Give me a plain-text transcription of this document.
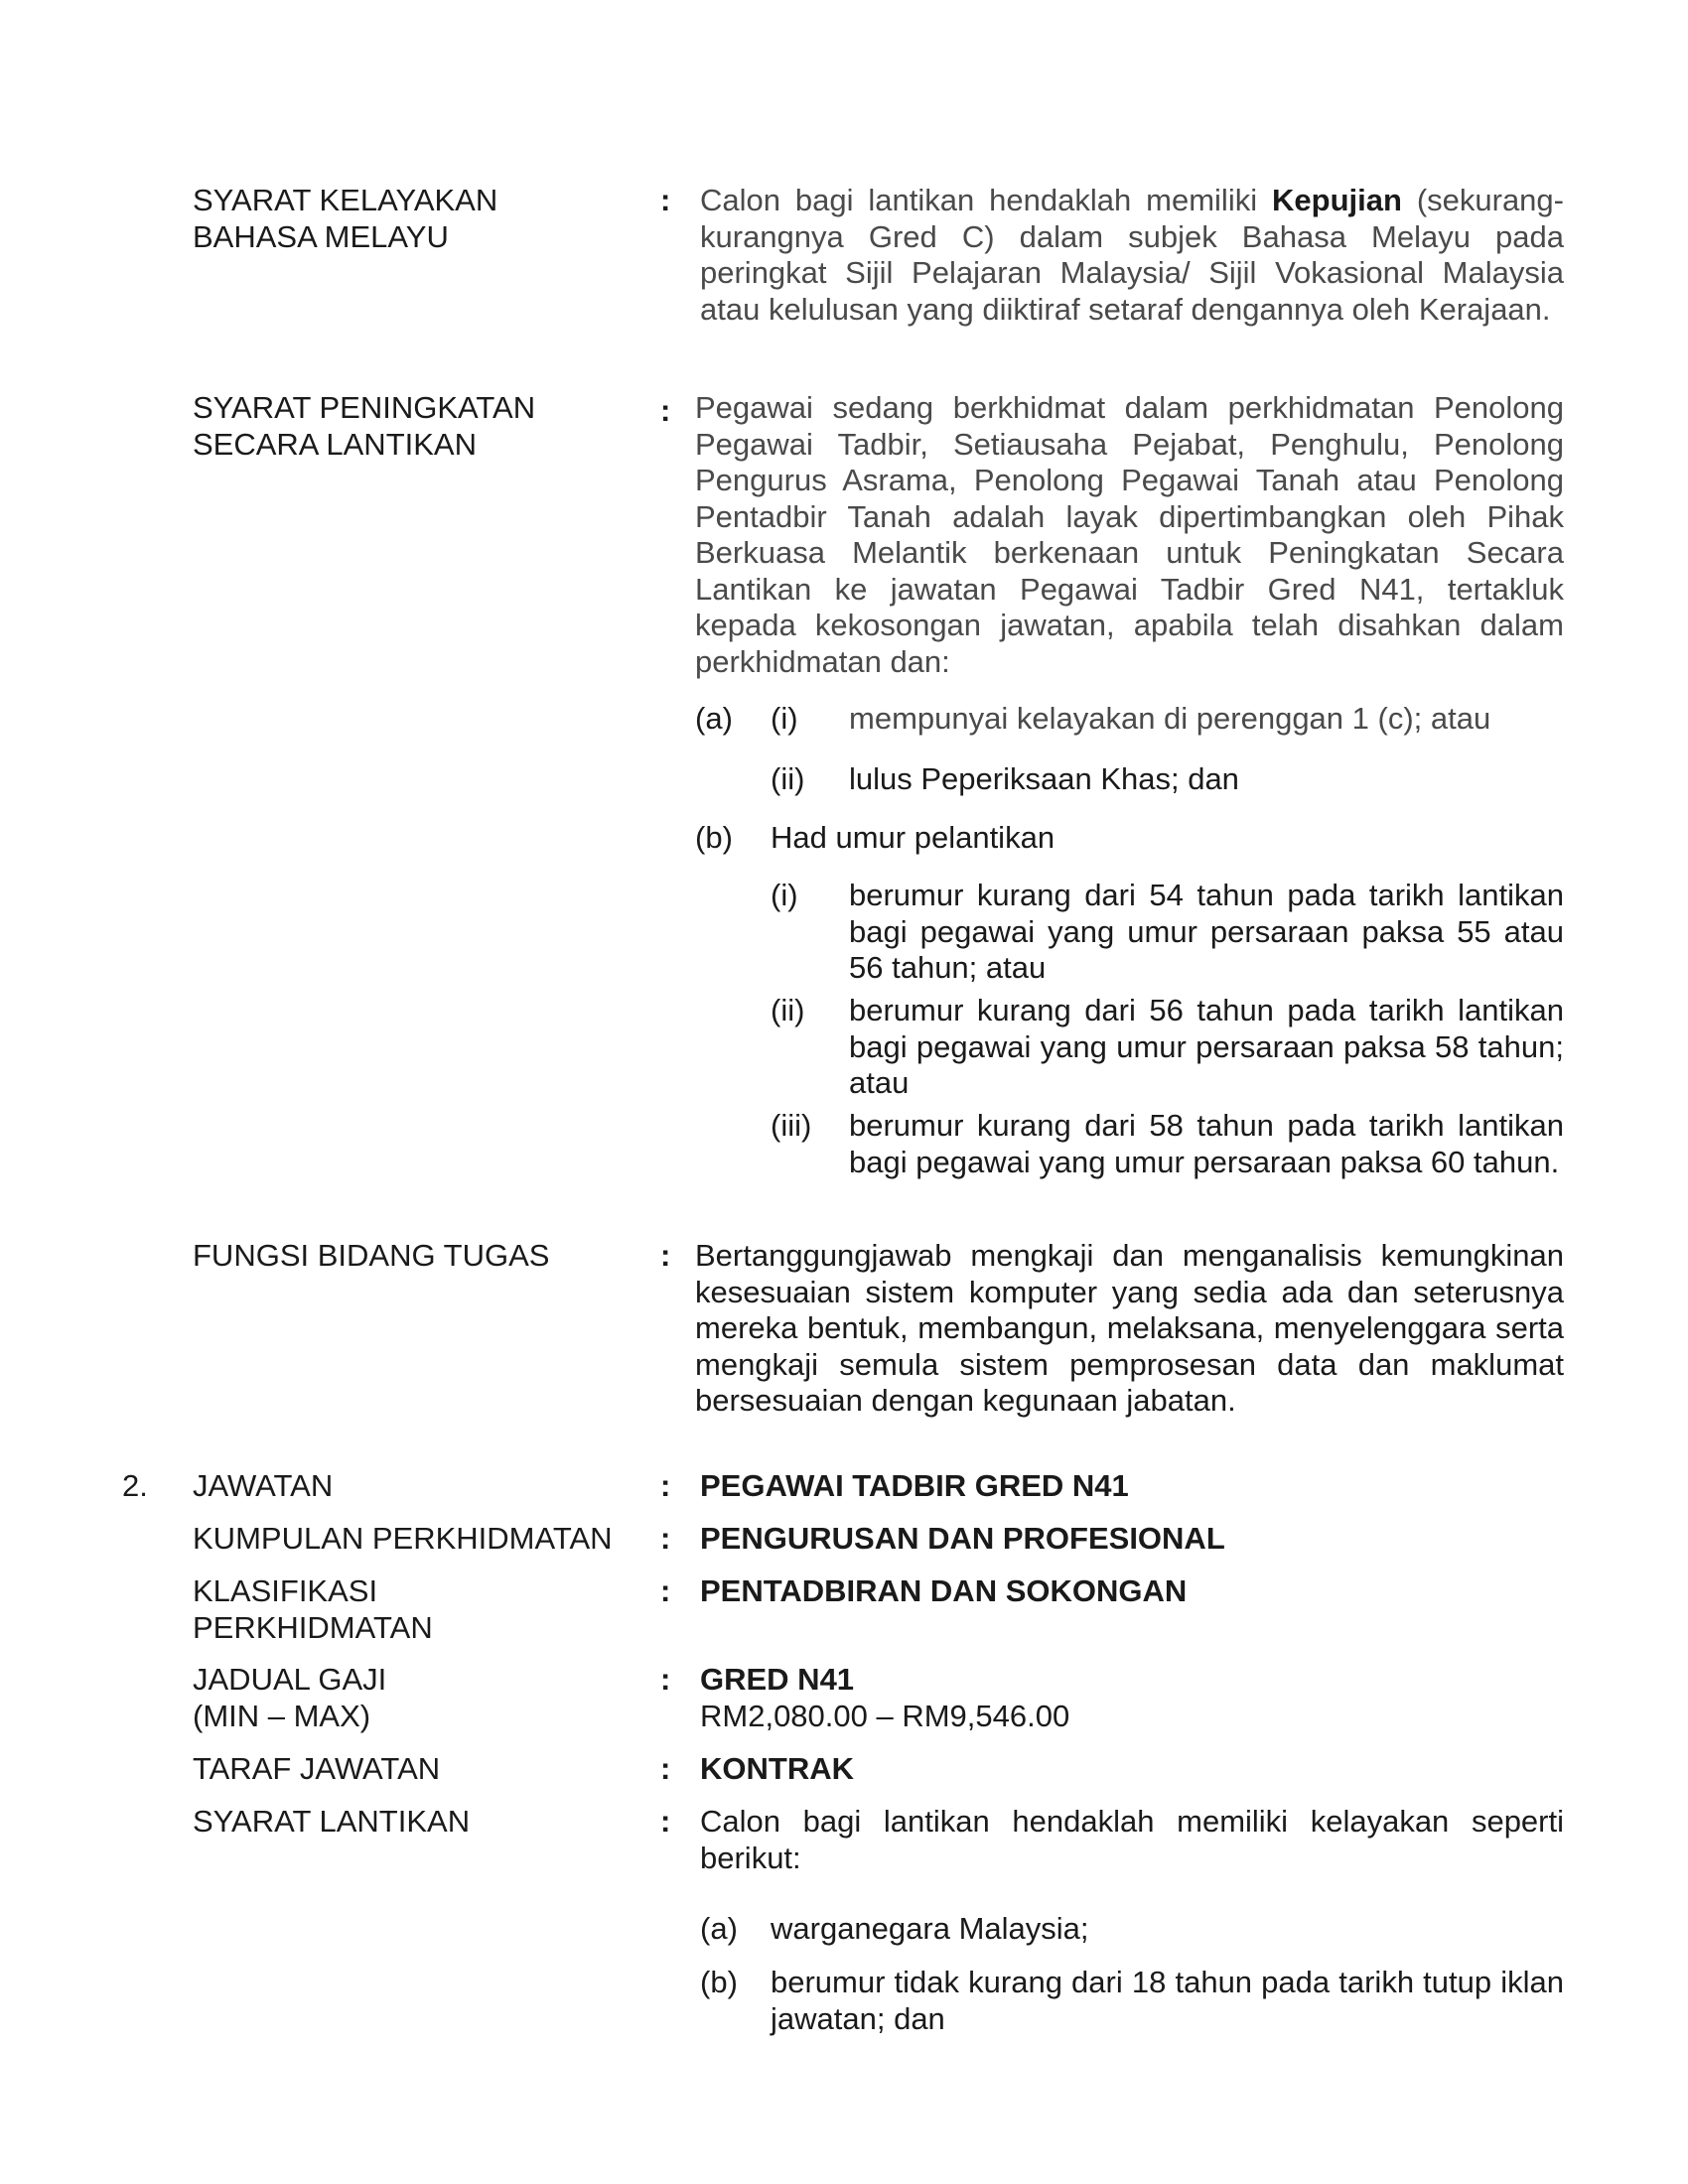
SYARAT KELAYAKAN
BAHASA MELAYU
: Calon bagi lantikan hendaklah memiliki Kepujian (sekurang-kurangnya Gred C) dalam subjek Bahasa Melayu pada peringkat Sijil Pelajaran Malaysia/ Sijil Vokasional Malaysia atau kelulusan yang diiktiraf setaraf dengannya oleh Kerajaan.
SYARAT PENINGKATAN
SECARA LANTIKAN
: Pegawai sedang berkhidmat dalam perkhidmatan Penolong Pegawai Tadbir, Setiausaha Pejabat, Penghulu, Penolong Pengurus Asrama, Penolong Pegawai Tanah atau Penolong Pentadbir Tanah adalah layak dipertimbangkan oleh Pihak Berkuasa Melantik berkenaan untuk Peningkatan Secara Lantikan ke jawatan Pegawai Tadbir Gred N41, tertakluk kepada kekosongan jawatan, apabila telah disahkan dalam perkhidmatan dan:
(a) (i) mempunyai kelayakan di perenggan 1 (c); atau
(ii) lulus Peperiksaan Khas; dan
(b) Had umur pelantikan
(i) berumur kurang dari 54 tahun pada tarikh lantikan bagi pegawai yang umur persaraan paksa 55 atau 56 tahun; atau
(ii) berumur kurang dari 56 tahun pada tarikh lantikan bagi pegawai yang umur persaraan paksa 58 tahun; atau
(iii) berumur kurang dari 58 tahun pada tarikh lantikan bagi pegawai yang umur persaraan paksa 60 tahun.
FUNGSI BIDANG TUGAS	: Bertanggungjawab mengkaji dan menganalisis kemungkinan kesesuaian sistem komputer yang sedia ada dan seterusnya mereka bentuk, membangun, melaksana, menyelenggara serta mengkaji semula sistem pemprosesan data dan maklumat bersesuaian dengan kegunaan jabatan.
2. JAWATAN	: PEGAWAI TADBIR GRED N41
KUMPULAN PERKHIDMATAN	: PENGURUSAN DAN PROFESIONAL
KLASIFIKASI
PERKHIDMATAN
: PENTADBIRAN DAN SOKONGAN
JADUAL GAJI
(MIN – MAX)
: GRED N41
RM2,080.00 – RM9,546.00
TARAF JAWATAN	: KONTRAK
SYARAT LANTIKAN	: Calon bagi lantikan hendaklah memiliki kelayakan seperti berikut:
(a) warganegara Malaysia;
(b) berumur tidak kurang dari 18 tahun pada tarikh tutup iklan jawatan; dan
